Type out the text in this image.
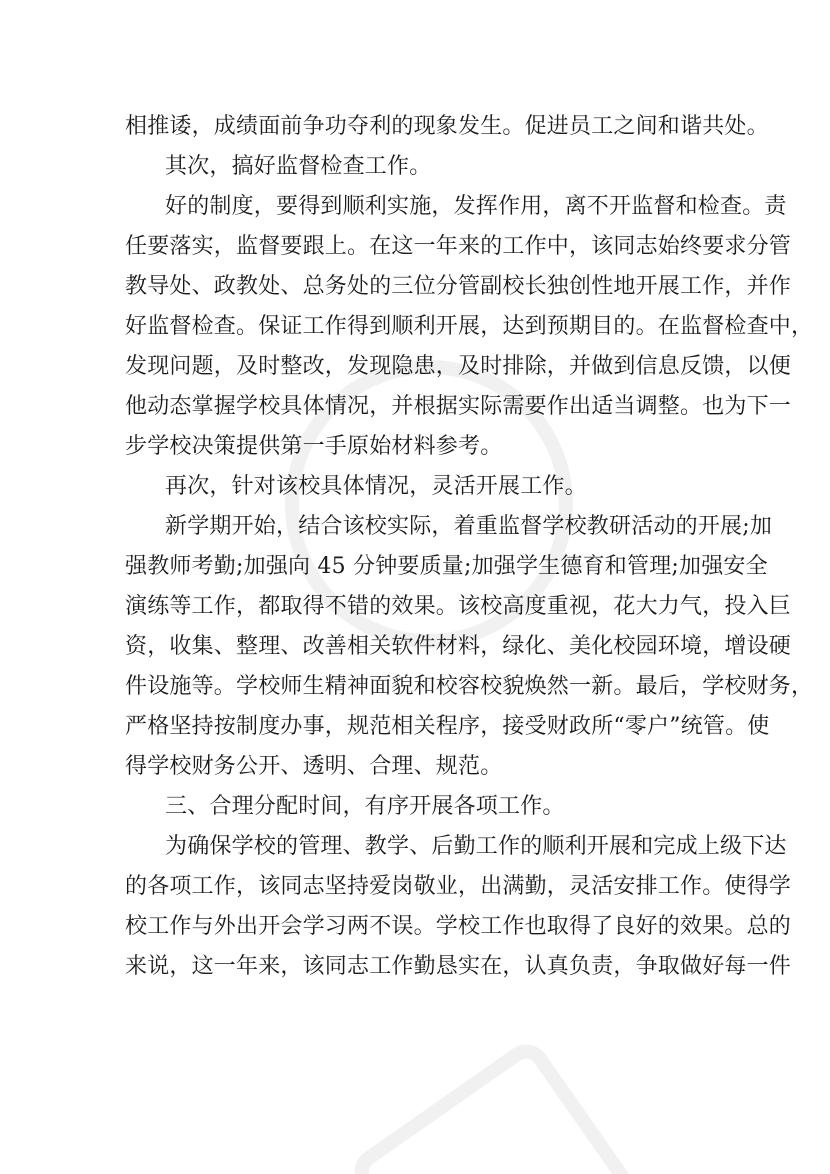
相推诿，成绩面前争功夺利的现象发生。促进员工之间和谐共处。
其次，搞好监督检查工作。
好的制度，要得到顺利实施，发挥作用，离不开监督和检查。责
任要落实，监督要跟上。在这一年来的工作中，该同志始终要求分管
教导处、政教处、总务处的三位分管副校长独创性地开展工作，并作
好监督检查。保证工作得到顺利开展，达到预期目的。在监督检查中，
发现问题，及时整改，发现隐患，及时排除，并做到信息反馈，以便
他动态掌握学校具体情况，并根据实际需要作出适当调整。也为下一
步学校决策提供第一手原始材料参考。
再次，针对该校具体情况，灵活开展工作。
新学期开始，结合该校实际，着重监督学校教研活动的开展;加
强教师考勤;加强向 45 分钟要质量;加强学生德育和管理;加强安全
演练等工作，都取得不错的效果。该校高度重视，花大力气，投入巨
资，收集、整理、改善相关软件材料，绿化、美化校园环境，增设硬
件设施等。学校师生精神面貌和校容校貌焕然一新。最后，学校财务，
严格坚持按制度办事，规范相关程序，接受财政所“零户”统管。使
得学校财务公开、透明、合理、规范。
三、合理分配时间，有序开展各项工作。
为确保学校的管理、教学、后勤工作的顺利开展和完成上级下达
的各项工作，该同志坚持爱岗敬业，出满勤，灵活安排工作。使得学
校工作与外出开会学习两不误。学校工作也取得了良好的效果。总的
来说，这一年来，该同志工作勤恳实在，认真负责，争取做好每一件
